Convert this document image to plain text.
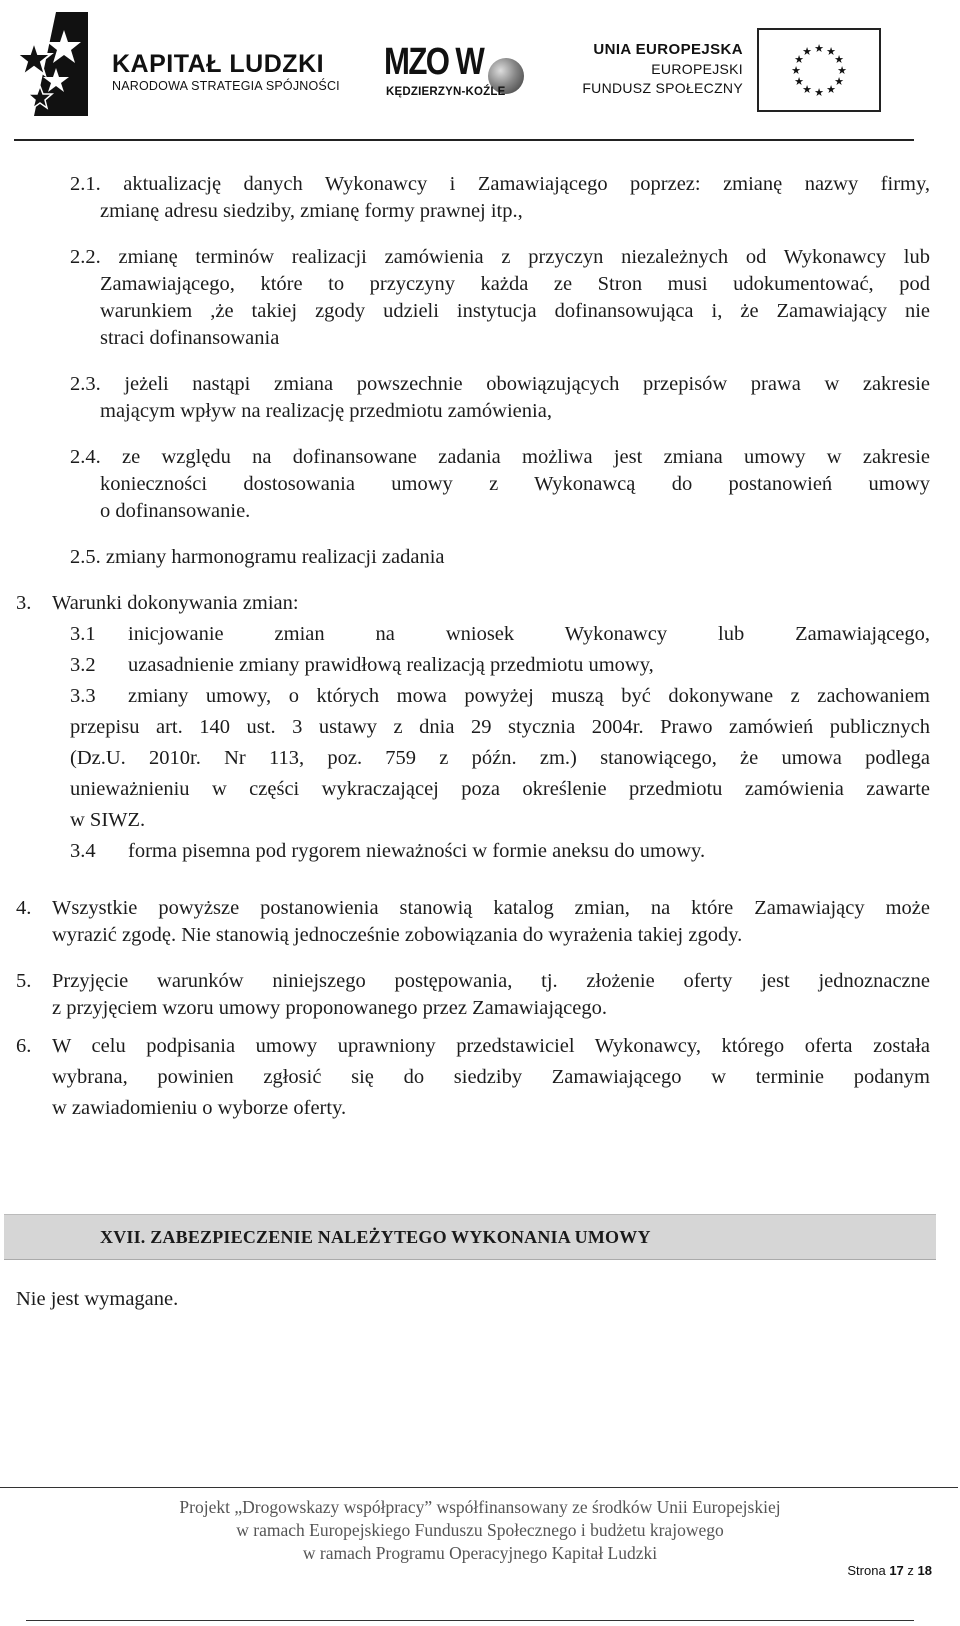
KAPITAŁ LUDZKI
NARODOWA STRATEGIA SPÓJNOŚCI
MZO W
KĘDZIERZYN-KOŹLE
UNIA EUROPEJSKA
EUROPEJSKI
FUNDUSZ SPOŁECZNY
★ ★
★
★
★
★
★
★
★
★
★
★
2.1. aktualizację danych Wykonawcy i Zamawiającego poprzez: zmianę nazwy firmy,
zmianę adresu siedziby, zmianę formy prawnej itp.,
2.2. zmianę terminów realizacji zamówienia z przyczyn niezależnych od Wykonawcy lub
Zamawiającego, które to przyczyny każda ze Stron musi udokumentować, pod
warunkiem ,że takiej zgody udzieli instytucja dofinansowująca i, że Zamawiający nie
straci dofinansowania
2.3. jeżeli nastąpi zmiana powszechnie obowiązujących przepisów prawa w zakresie
mającym wpływ na realizację przedmiotu zamówienia,
2.4. ze względu na dofinansowane zadania możliwa jest zmiana umowy w zakresie
konieczności dostosowania umowy z Wykonawcą do postanowień umowy
o dofinansowanie.
2.5. zmiany harmonogramu realizacji zadania
3. Warunki dokonywania zmian:
3.1 inicjowanie zmian na wniosek Wykonawcy lub Zamawiającego,
3.2 uzasadnienie zmiany prawidłową realizacją przedmiotu umowy,
3.3 zmiany umowy, o których mowa powyżej muszą być dokonywane z zachowaniem
przepisu art. 140 ust. 3 ustawy z dnia 29 stycznia 2004r. Prawo zamówień publicznych
(Dz.U. 2010r. Nr 113, poz. 759 z późn. zm.) stanowiącego, że umowa podlega
unieważnieniu w części wykraczającej poza określenie przedmiotu zamówienia zawarte
w SIWZ.
3.4 forma pisemna pod rygorem nieważności w formie aneksu do umowy.
4. Wszystkie powyższe postanowienia stanowią katalog zmian, na które Zamawiający może
wyrazić zgodę. Nie stanowią jednocześnie zobowiązania do wyrażenia takiej zgody.
5. Przyjęcie warunków niniejszego postępowania, tj. złożenie oferty jest jednoznaczne
z przyjęciem wzoru umowy proponowanego przez Zamawiającego.
6. W celu podpisania umowy uprawniony przedstawiciel Wykonawcy, którego oferta została
wybrana, powinien zgłosić się do siedziby Zamawiającego w terminie podanym
w zawiadomieniu o wyborze oferty.
XVII. ZABEZPIECZENIE NALEŻYTEGO WYKONANIA UMOWY
Nie jest wymagane.
Projekt „Drogowskazy współpracy” współfinansowany ze środków Unii Europejskiej
w ramach Europejskiego Funduszu Społecznego i budżetu krajowego
w ramach Programu Operacyjnego Kapitał Ludzki
Strona 17 z 18
